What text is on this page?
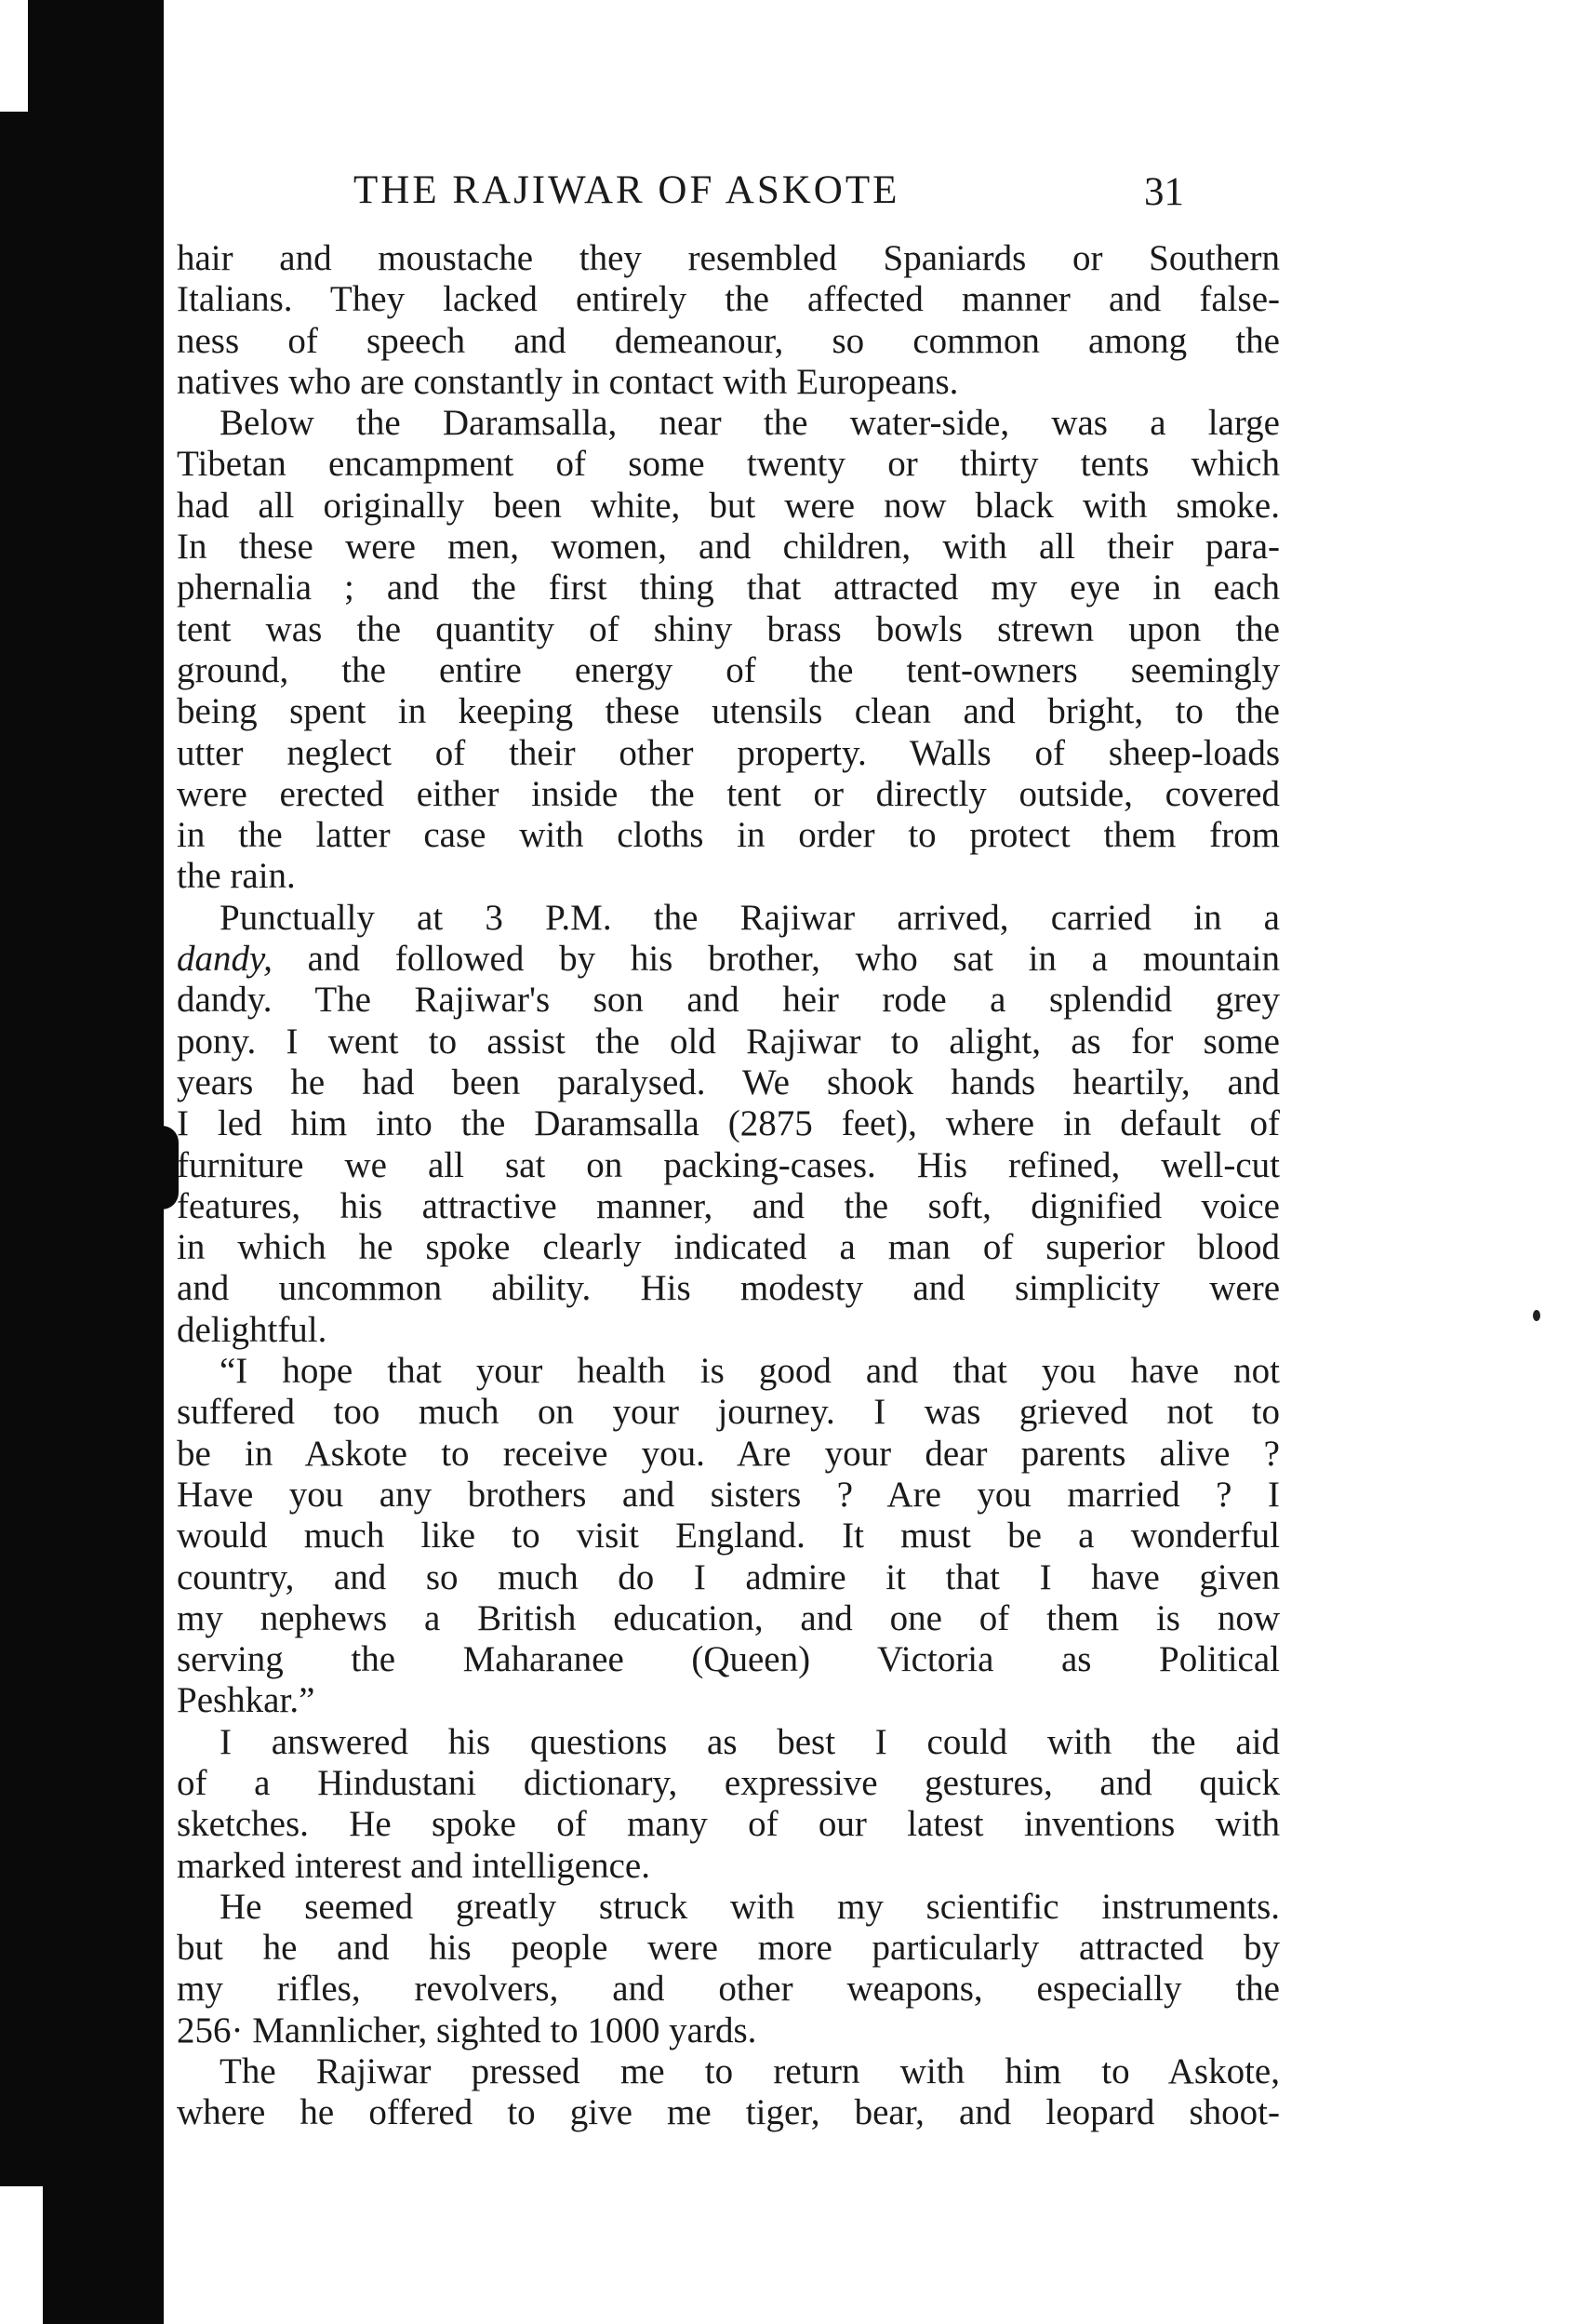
THE RAJIWAR OF ASKOTE	31
hair and moustache they resembled Spaniards or Southern
Italians. They lacked entirely the affected manner and false-
ness of speech and demeanour, so common among the
natives who are constantly in contact with Europeans.
Below the Daramsalla, near the water-side, was a large
Tibetan encampment of some twenty or thirty tents which
had all originally been white, but were now black with smoke.
In these were men, women, and children, with all their para-
phernalia ; and the first thing that attracted my eye in each
tent was the quantity of shiny brass bowls strewn upon the
ground, the entire energy of the tent-owners seemingly
being spent in keeping these utensils clean and bright, to the
utter neglect of their other property. Walls of sheep-loads
were erected either inside the tent or directly outside, covered
in the latter case with cloths in order to protect them from
the rain.
Punctually at 3 P.M. the Rajiwar arrived, carried in a
dandy, and followed by his brother, who sat in a mountain
dandy. The Rajiwar's son and heir rode a splendid grey
pony. I went to assist the old Rajiwar to alight, as for some
years he had been paralysed. We shook hands heartily, and
I led him into the Daramsalla (2875 feet), where in default of
furniture we all sat on packing-cases. His refined, well-cut
features, his attractive manner, and the soft, dignified voice
in which he spoke clearly indicated a man of superior blood
and uncommon ability. His modesty and simplicity were
delightful.
“I hope that your health is good and that you have not
suffered too much on your journey. I was grieved not to
be in Askote to receive you. Are your dear parents alive ?
Have you any brothers and sisters ? Are you married ? I
would much like to visit England. It must be a wonderful
country, and so much do I admire it that I have given
my nephews a British education, and one of them is now
serving the Maharanee (Queen) Victoria as Political
Peshkar.”
I answered his questions as best I could with the aid
of a Hindustani dictionary, expressive gestures, and quick
sketches. He spoke of many of our latest inventions with
marked interest and intelligence.
He seemed greatly struck with my scientific instruments.
but he and his people were more particularly attracted by
my rifles, revolvers, and other weapons, especially the
256· Mannlicher, sighted to 1000 yards.
The Rajiwar pressed me to return with him to Askote,
where he offered to give me tiger, bear, and leopard shoot-
